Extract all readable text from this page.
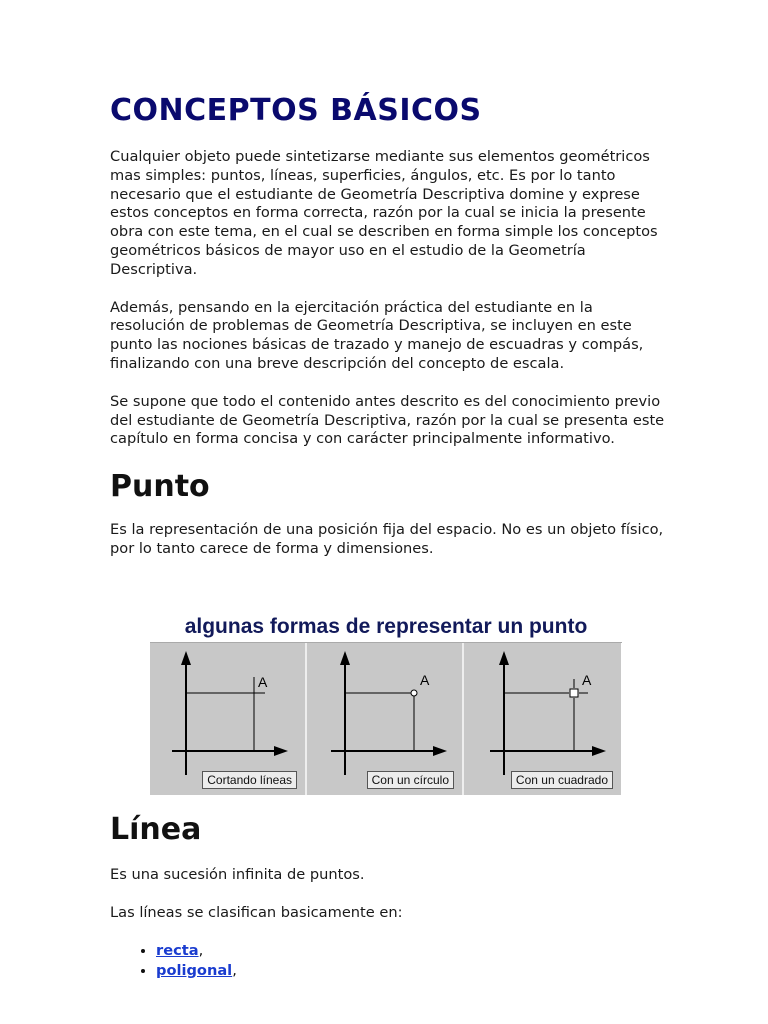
CONCEPTOS BÁSICOS

Cualquier objeto puede sintetizarse mediante sus elementos geométricos mas simples: puntos, líneas, superficies, ángulos, etc. Es por lo tanto necesario que el estudiante de Geometría Descriptiva domine y exprese estos conceptos en forma correcta, razón por la cual se inicia la presente obra con este tema, en el cual se describen en forma simple los conceptos geométricos básicos de mayor uso en el estudio de la Geometría Descriptiva.

Además, pensando en la ejercitación práctica del estudiante en la resolución de problemas de Geometría Descriptiva, se incluyen en este punto las nociones básicas de trazado y manejo de escuadras y compás, finalizando con una breve descripción del concepto de escala.

Se supone que todo el contenido antes descrito es del conocimiento previo del estudiante de Geometría Descriptiva, razón por la cual se presenta este capítulo en forma concisa y con carácter principalmente informativo.

Punto

Es la representación de una posición fija del espacio. No es un objeto físico, por lo tanto carece de forma y dimensiones.

algunas formas de representar un punto
A
Cortando líneas
A
Con un círculo
A
Con un cuadrado
Línea

Es una sucesión infinita de puntos.

Las líneas se clasifican basicamente en:

• recta,
• poligonal,
